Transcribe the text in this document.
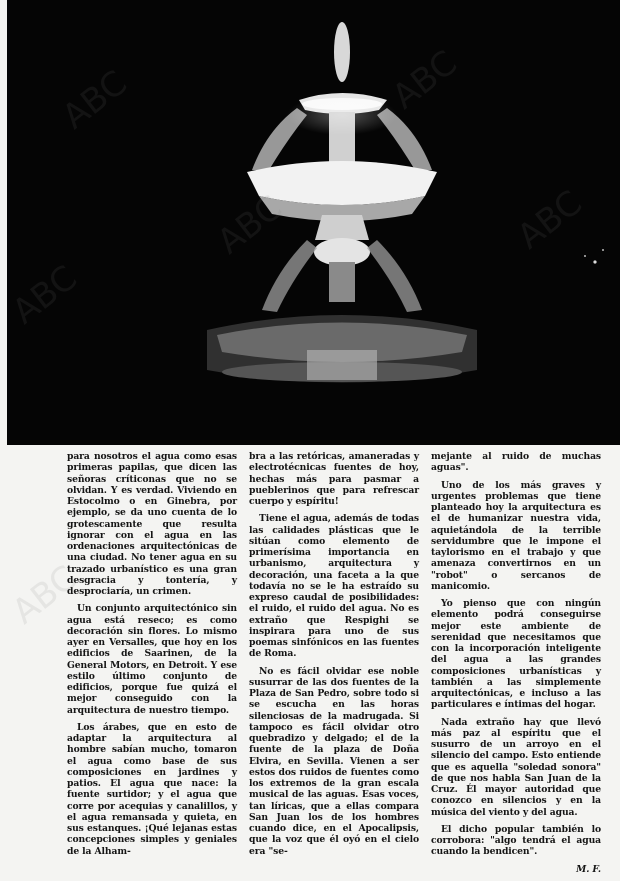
para nosotros el agua como esas primeras papilas, que dicen las señoras críticonas que no se olvidan. Y es verdad. Viviendo en Estocolmo o en Ginebra, por ejemplo, se da uno cuenta de lo grotescamente que resulta ignorar con el agua en las ordenaciones arquitectónicas de una ciudad. No tener agua en su trazado urbanístico es una gran desgracia y tontería, y desprociaría, un crimen.

Un conjunto arquitectónico sin agua está reseco; es como decoración sin flores. Lo mismo ayer en Versalles, que hoy en los edificios de Saarinen, de la General Motors, en Detroit. Y ese estilo último conjunto de edificios, porque fue quizá el mejor conseguido con la arquitectura de nuestro tiempo.

Los árabes, que en esto de adaptar la arquitectura al hombre sabían mucho, tomaron el agua como base de sus composiciones en jardines y patios. El agua que nace: la fuente surtidor; y el agua que corre por acequias y canalillos, y el agua remansada y quieta, en sus estanques. ¡Qué lejanas estas concepciones simples y geniales de la Alham-

bra a las retóricas, amaneradas y electrotécnicas fuentes de hoy, hechas más para pasmar a pueblerinos que para refrescar cuerpo y espíritu!

Tiene el agua, además de todas las calidades plásticas que le sitúan como elemento de primerísima importancia en urbanismo, arquitectura y decoración, una faceta a la que todavía no se le ha estraído su expreso caudal de posibilidades: el ruido, el ruido del agua. No es extraño que Respighi se inspirara para uno de sus poemas sinfónicos en las fuentes de Roma.

No es fácil olvidar ese noble susurrar de las dos fuentes de la Plaza de San Pedro, sobre todo si se escucha en las horas silenciosas de la madrugada. Si tampoco es fácil olvidar otro quebradizo y delgado; el de la fuente de la plaza de Doña Elvira, en Sevilla. Vienen a ser estos dos ruidos de fuentes como los extremos de la gran escala musical de las aguas. Esas voces, tan líricas, que a ellas compara San Juan los de los hombres cuando dice, en el Apocalipsis, que la voz que él oyó en el cielo era "se-

mejante al ruido de muchas aguas".

Uno de los más graves y urgentes problemas que tiene planteado hoy la arquitectura es el de humanizar nuestra vida, aquietándola de la terrible servidumbre que le impone el taylorismo en el trabajo y que amenaza convertirnos en un "robot" o sercanos de manicomio.

Yo pienso que con ningún elemento podrá conseguirse mejor este ambiente de serenidad que necesitamos que con la incorporación inteligente del agua a las grandes composiciones urbanísticas y también a las simplemente arquitectónicas, e incluso a las particulares e íntimas del hogar.

Nada extraño hay que llevó más paz al espíritu que el susurro de un arroyo en el silencio del campo. Esto entiende que es aquella "soledad sonora" de que nos habla San Juan de la Cruz. Él mayor autoridad que conozco en silencios y en la música del viento y del agua.

El dicho popular también lo corrobora: "algo tendrá el agua cuando la bendicen".

M. F.

ABC
